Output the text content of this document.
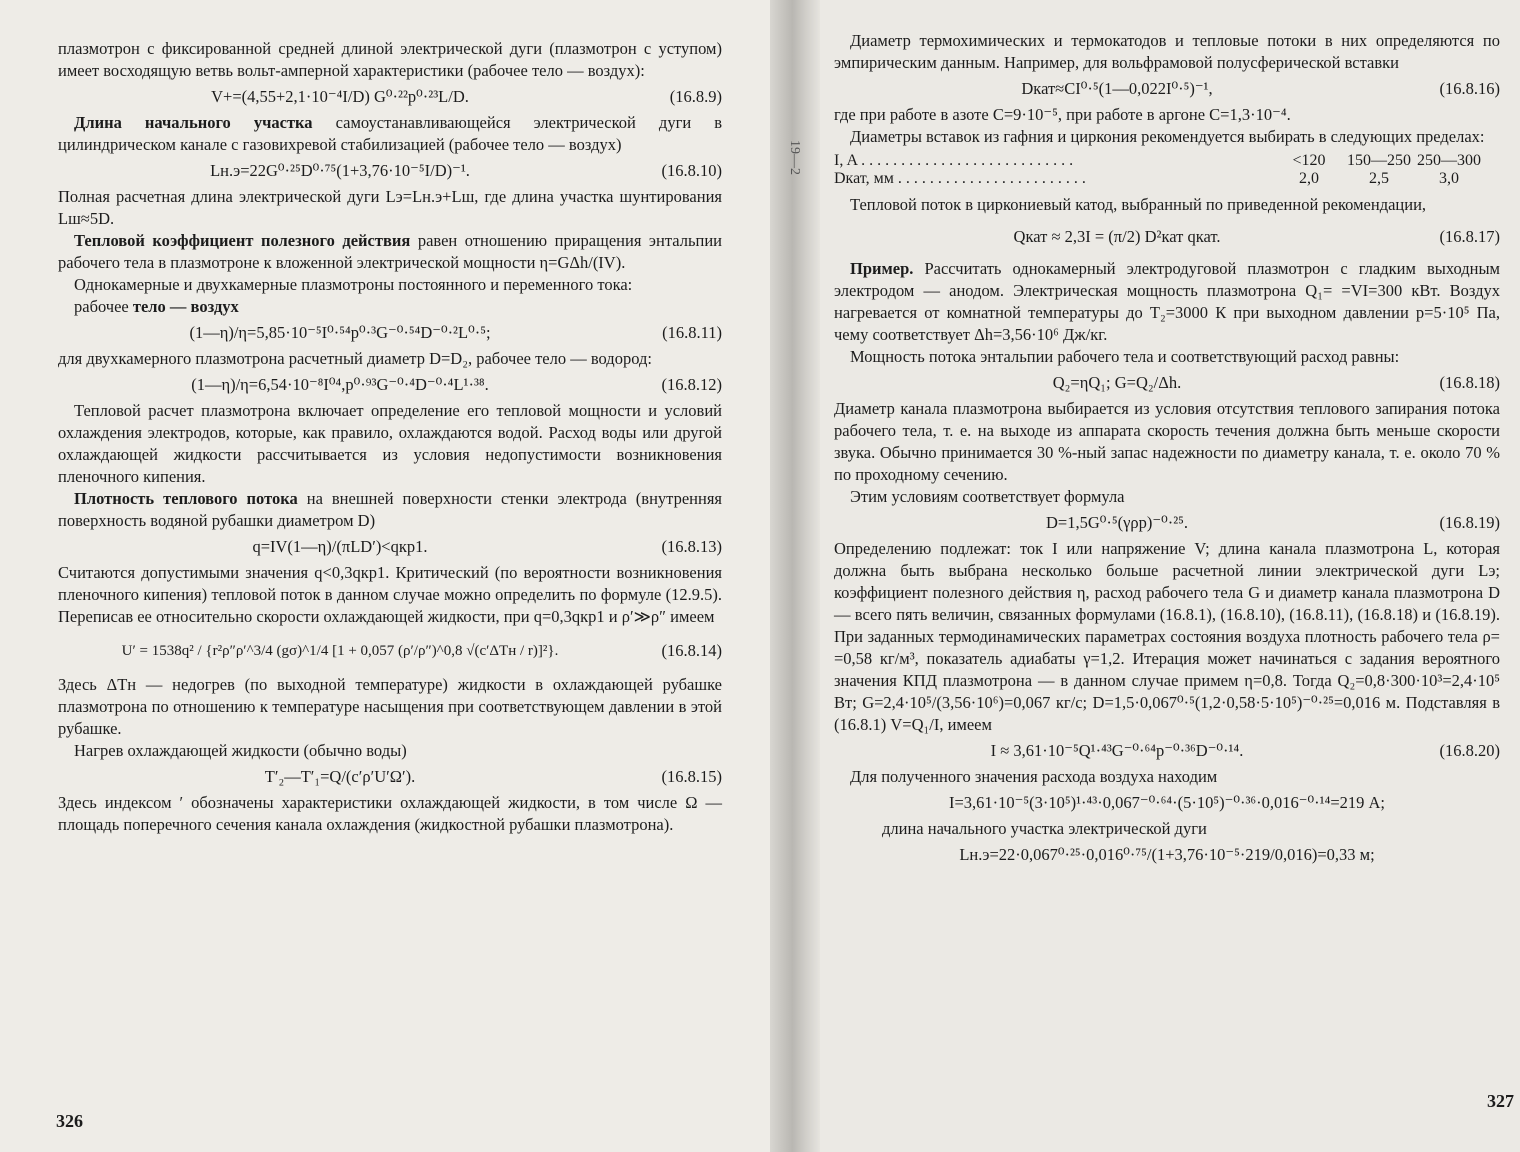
плазмотрон с фиксированной средней длиной электрической дуги (плазмотрон с уступом) имеет восходящую ветвь вольт-амперной характеристики (рабочее тело — воздух):

V+=(4,55+2,1·10⁻⁴I/D) G⁰·²²p⁰·²³L/D.	(16.8.9)

Длина начального участка самоустанавливающейся электрической дуги в цилиндрическом канале с газовихревой стабилизацией (рабочее тело — воздух)

Lн.э=22G⁰·²⁵D⁰·⁷⁵(1+3,76·10⁻⁵I/D)⁻¹.	(16.8.10)

Полная расчетная длина электрической дуги Lэ=Lн.э+Lш, где длина участка шунтирования Lш≈5D.

Тепловой коэффициент полезного действия равен отношению приращения энтальпии рабочего тела в плазмотроне к вложенной электрической мощности η=GΔh/(IV).

Однокамерные и двухкамерные плазмотроны постоянного и переменного тока:

рабочее тело — воздух

(1—η)/η=5,85·10⁻⁵I⁰·⁵⁴p⁰·³G⁻⁰·⁵⁴D⁻⁰·²L⁰·⁵;	(16.8.11)

для двухкамерного плазмотрона расчетный диаметр D=D₂, рабочее тело — водород:

(1—η)/η=6,54·10⁻⁸I⁰⁴,p⁰·⁹³G⁻⁰·⁴D⁻⁰·⁴L¹·³⁸.	(16.8.12)

Тепловой расчет плазмотрона включает определение его тепловой мощности и условий охлаждения электродов, которые, как правило, охлаждаются водой. Расход воды или другой охлаждающей жидкости рассчитывается из условия недопустимости возникновения пленочного кипения.

Плотность теплового потока на внешней поверхности стенки электрода (внутренняя поверхность водяной рубашки диаметром D)

q=IV(1—η)/(πLD′)<qкр1.	(16.8.13)

Считаются допустимыми значения q<0,3qкр1. Критический (по вероятности возникновения пленочного кипения) тепловой поток в данном случае можно определить по формуле (12.9.5). Переписав ее относительно скорости охлаждающей жидкости, при q=0,3qкр1 и ρ′≫ρ″ имеем

U′ = 1538q² / {r²ρ″ρ′^3/4 (gσ)^1/4 [1 + 0,057 (ρ′/ρ″)^0,8 √(c′ΔTн / r)]²}.	(16.8.14)

Здесь ΔTн — недогрев (по выходной температуре) жидкости в охлаждающей рубашке плазмотрона по отношению к температуре насыщения при соответствующем давлении в этой рубашке.

Нагрев охлаждающей жидкости (обычно воды)

T′₂—T′₁=Q/(c′ρ′U′Ω′).	(16.8.15)

Здесь индексом ′ обозначены характеристики охлаждающей жидкости, в том числе Ω — площадь поперечного сечения канала охлаждения (жидкостной рубашки плазмотрона).

326
19—2

Диаметр термохимических и термокатодов и тепловые потоки в них определяются по эмпирическим данным. Например, для вольфрамовой полусферической вставки

Dкат≈CI⁰·⁵(1—0,022I⁰·⁵)⁻¹,	(16.8.16)

где при работе в азоте C=9·10⁻⁵, при работе в аргоне C=1,3·10⁻⁴.

Диаметры вставок из гафния и циркония рекомендуется выбирать в следующих пределах:

I, A . . . . . . . . . . . . . . . . . . . . . . . . . . .	<120	150—250 250—300
Dкат, мм . . . . . . . . . . . . . . . . . . . . . . . .	2,0	2,5	3,0

Тепловой поток в циркониевый катод, выбранный по приведенной рекомендации,

Qкат ≈ 2,3I = (π/2) D²кат qкат.	(16.8.17)

Пример. Рассчитать однокамерный электродуговой плазмотрон с гладким выходным электродом — анодом. Электрическая мощность плазмотрона Q₁= =VI=300 кВт. Воздух нагревается от комнатной температуры до T₂=3000 К при выходном давлении p=5·10⁵ Па, чему соответствует Δh=3,56·10⁶ Дж/кг.

Мощность потока энтальпии рабочего тела и соответствующий расход равны:

Q₂=ηQ₁; G=Q₂/Δh.	(16.8.18)

Диаметр канала плазмотрона выбирается из условия отсутствия теплового запирания потока рабочего тела, т. е. на выходе из аппарата скорость течения должна быть меньше скорости звука. Обычно принимается 30 %-ный запас надежности по диаметру канала, т. е. около 70 % по проходному сечению.

Этим условиям соответствует формула

D=1,5G⁰·⁵(γρp)⁻⁰·²⁵.	(16.8.19)

Определению подлежат: ток I или напряжение V; длина канала плазмотрона L, которая должна быть выбрана несколько больше расчетной линии электрической дуги Lэ; коэффициент полезного действия η, расход рабочего тела G и диаметр канала плазмотрона D — всего пять величин, связанных формулами (16.8.1), (16.8.10), (16.8.11), (16.8.18) и (16.8.19). При заданных термодинамических параметрах состояния воздуха плотность рабочего тела ρ= =0,58 кг/м³, показатель адиабаты γ=1,2. Итерация может начинаться с задания вероятного значения КПД плазмотрона — в данном случае примем η=0,8. Тогда Q₂=0,8·300·10³=2,4·10⁵ Вт; G=2,4·10⁵/(3,56·10⁶)=0,067 кг/с; D=1,5·0,067⁰·⁵(1,2·0,58·5·10⁵)⁻⁰·²⁵=0,016 м. Подставляя в (16.8.1) V=Q₁/I, имеем

I ≈ 3,61·10⁻⁵Q¹·⁴³G⁻⁰·⁶⁴p⁻⁰·³⁶D⁻⁰·¹⁴.	(16.8.20)

Для полученного значения расхода воздуха находим

I=3,61·10⁻⁵(3·10⁵)¹·⁴³·0,067⁻⁰·⁶⁴·(5·10⁵)⁻⁰·³⁶·0,016⁻⁰·¹⁴=219 А;

длина начального участка электрической дуги

Lн.э=22·0,067⁰·²⁵·0,016⁰·⁷⁵/(1+3,76·10⁻⁵·219/0,016)=0,33 м;
327
